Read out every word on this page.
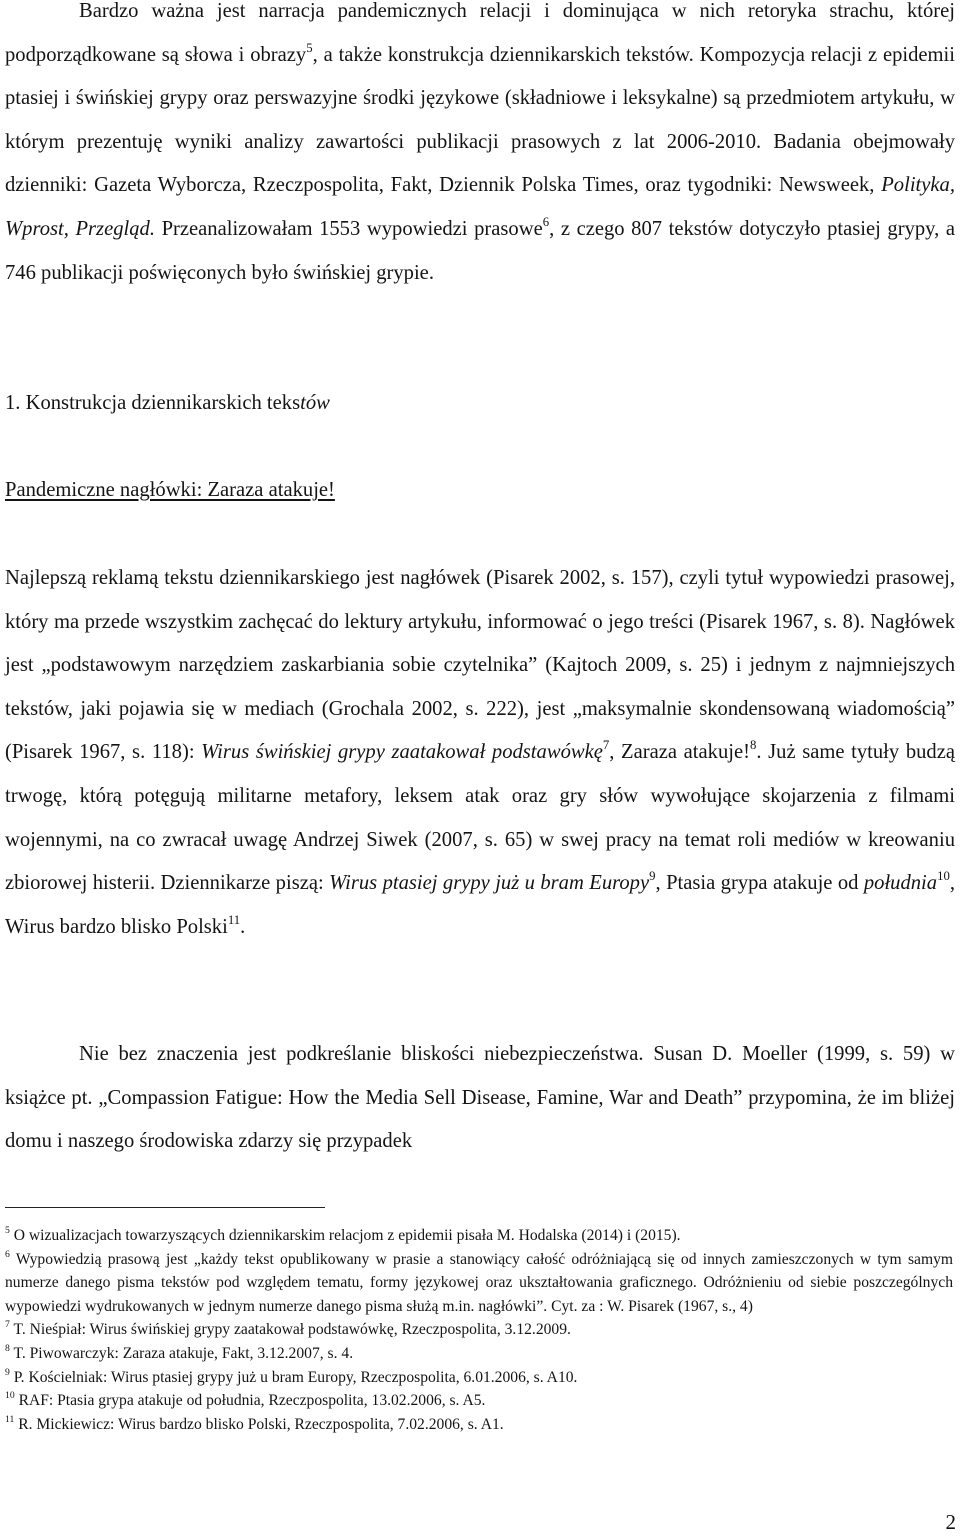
Bardzo ważna jest narracja pandemicznych relacji i dominująca w nich retoryka strachu, której podporządkowane są słowa i obrazy$^5$, a także konstrukcja dziennikarskich tekstów. Kompozycja relacji z epidemii ptasiej i świńskiej grypy oraz perswazyjne środki językowe (składniowe i leksykalne) są przedmiotem artykułu, w którym prezentuję wyniki analizy zawartości publikacji prasowych z lat 2006-2010. Badania obejmowały dzienniki: Gazeta Wyborcza, Rzeczpospolita, Fakt, Dziennik Polska Times, oraz tygodniki: Newsweek, Polityka, Wprost, Przegląd. Przeanalizowałam 1553 wypowiedzi prasowe$^6$, z czego 807 tekstów dotyczyło ptasiej grypy, a 746 publikacji poświęconych było świńskiej grypie.

1. Konstrukcja dziennikarskich tekstów
Pandemiczne nagłówki: Zaraza atakuje!

Najlepszą reklamą tekstu dziennikarskiego jest nagłówek (Pisarek 2002, s. 157), czyli tytuł wypowiedzi prasowej, który ma przede wszystkim zachęcać do lektury artykułu, informować o jego treści (Pisarek 1967, s. 8). Nagłówek jest „podstawowym narzędziem zaskarbiania sobie czytelnika” (Kajtoch 2009, s. 25) i jednym z najmniejszych tekstów, jaki pojawia się w mediach (Grochala 2002, s. 222), jest „maksymalnie skondensowaną wiadomością” (Pisarek 1967, s. 118): Wirus świńskiej grypy zaatakował podstawówkę$^7$, Zaraza atakuje!$^8$. Już same tytuły budzą trwogę, którą potęgują militarne metafory, leksem atak oraz gry słów wywołujące skojarzenia z filmami wojennymi, na co zwracał uwagę Andrzej Siwek (2007, s. 65) w swej pracy na temat roli mediów w kreowaniu zbiorowej histerii. Dziennikarze piszą: Wirus ptasiej grypy już u bram Europy$^9$, Ptasia grypa atakuje od południa$^{10}$, Wirus bardzo blisko Polski$^{11}$.

Nie bez znaczenia jest podkreślanie bliskości niebezpieczeństwa. Susan D. Moeller (1999, s. 59) w książce pt. „Compassion Fatigue: How the Media Sell Disease, Famine, War and Death” przypomina, że im bliżej domu i naszego środowiska zdarzy się przypadek

$^5$ O wizualizacjach towarzyszących dziennikarskim relacjom z epidemii pisała M. Hodalska (2014) i (2015).
$^6$ Wypowiedzią prasową jest „każdy tekst opublikowany w prasie a stanowiący całość odróżniającą się od innych zamieszczonych w tym samym numerze danego pisma tekstów pod względem tematu, formy językowej oraz ukształtowania graficznego. Odróżnieniu od siebie poszczególnych wypowiedzi wydrukowanych w jednym numerze danego pisma służą m.in. nagłówki”. Cyt. za : W. Pisarek (1967, s., 4)
$^7$ T. Nieśpiał: Wirus świńskiej grypy zaatakował podstawówkę, Rzeczpospolita, 3.12.2009.
$^8$ T. Piwowarczyk: Zaraza atakuje, Fakt, 3.12.2007, s. 4.
$^9$ P. Kościelniak: Wirus ptasiej grypy już u bram Europy, Rzeczpospolita, 6.01.2006, s. A10.
$^{10}$ RAF: Ptasia grypa atakuje od południa, Rzeczpospolita, 13.02.2006, s. A5.
$^{11}$ R. Mickiewicz: Wirus bardzo blisko Polski, Rzeczpospolita, 7.02.2006, s. A1.
2
